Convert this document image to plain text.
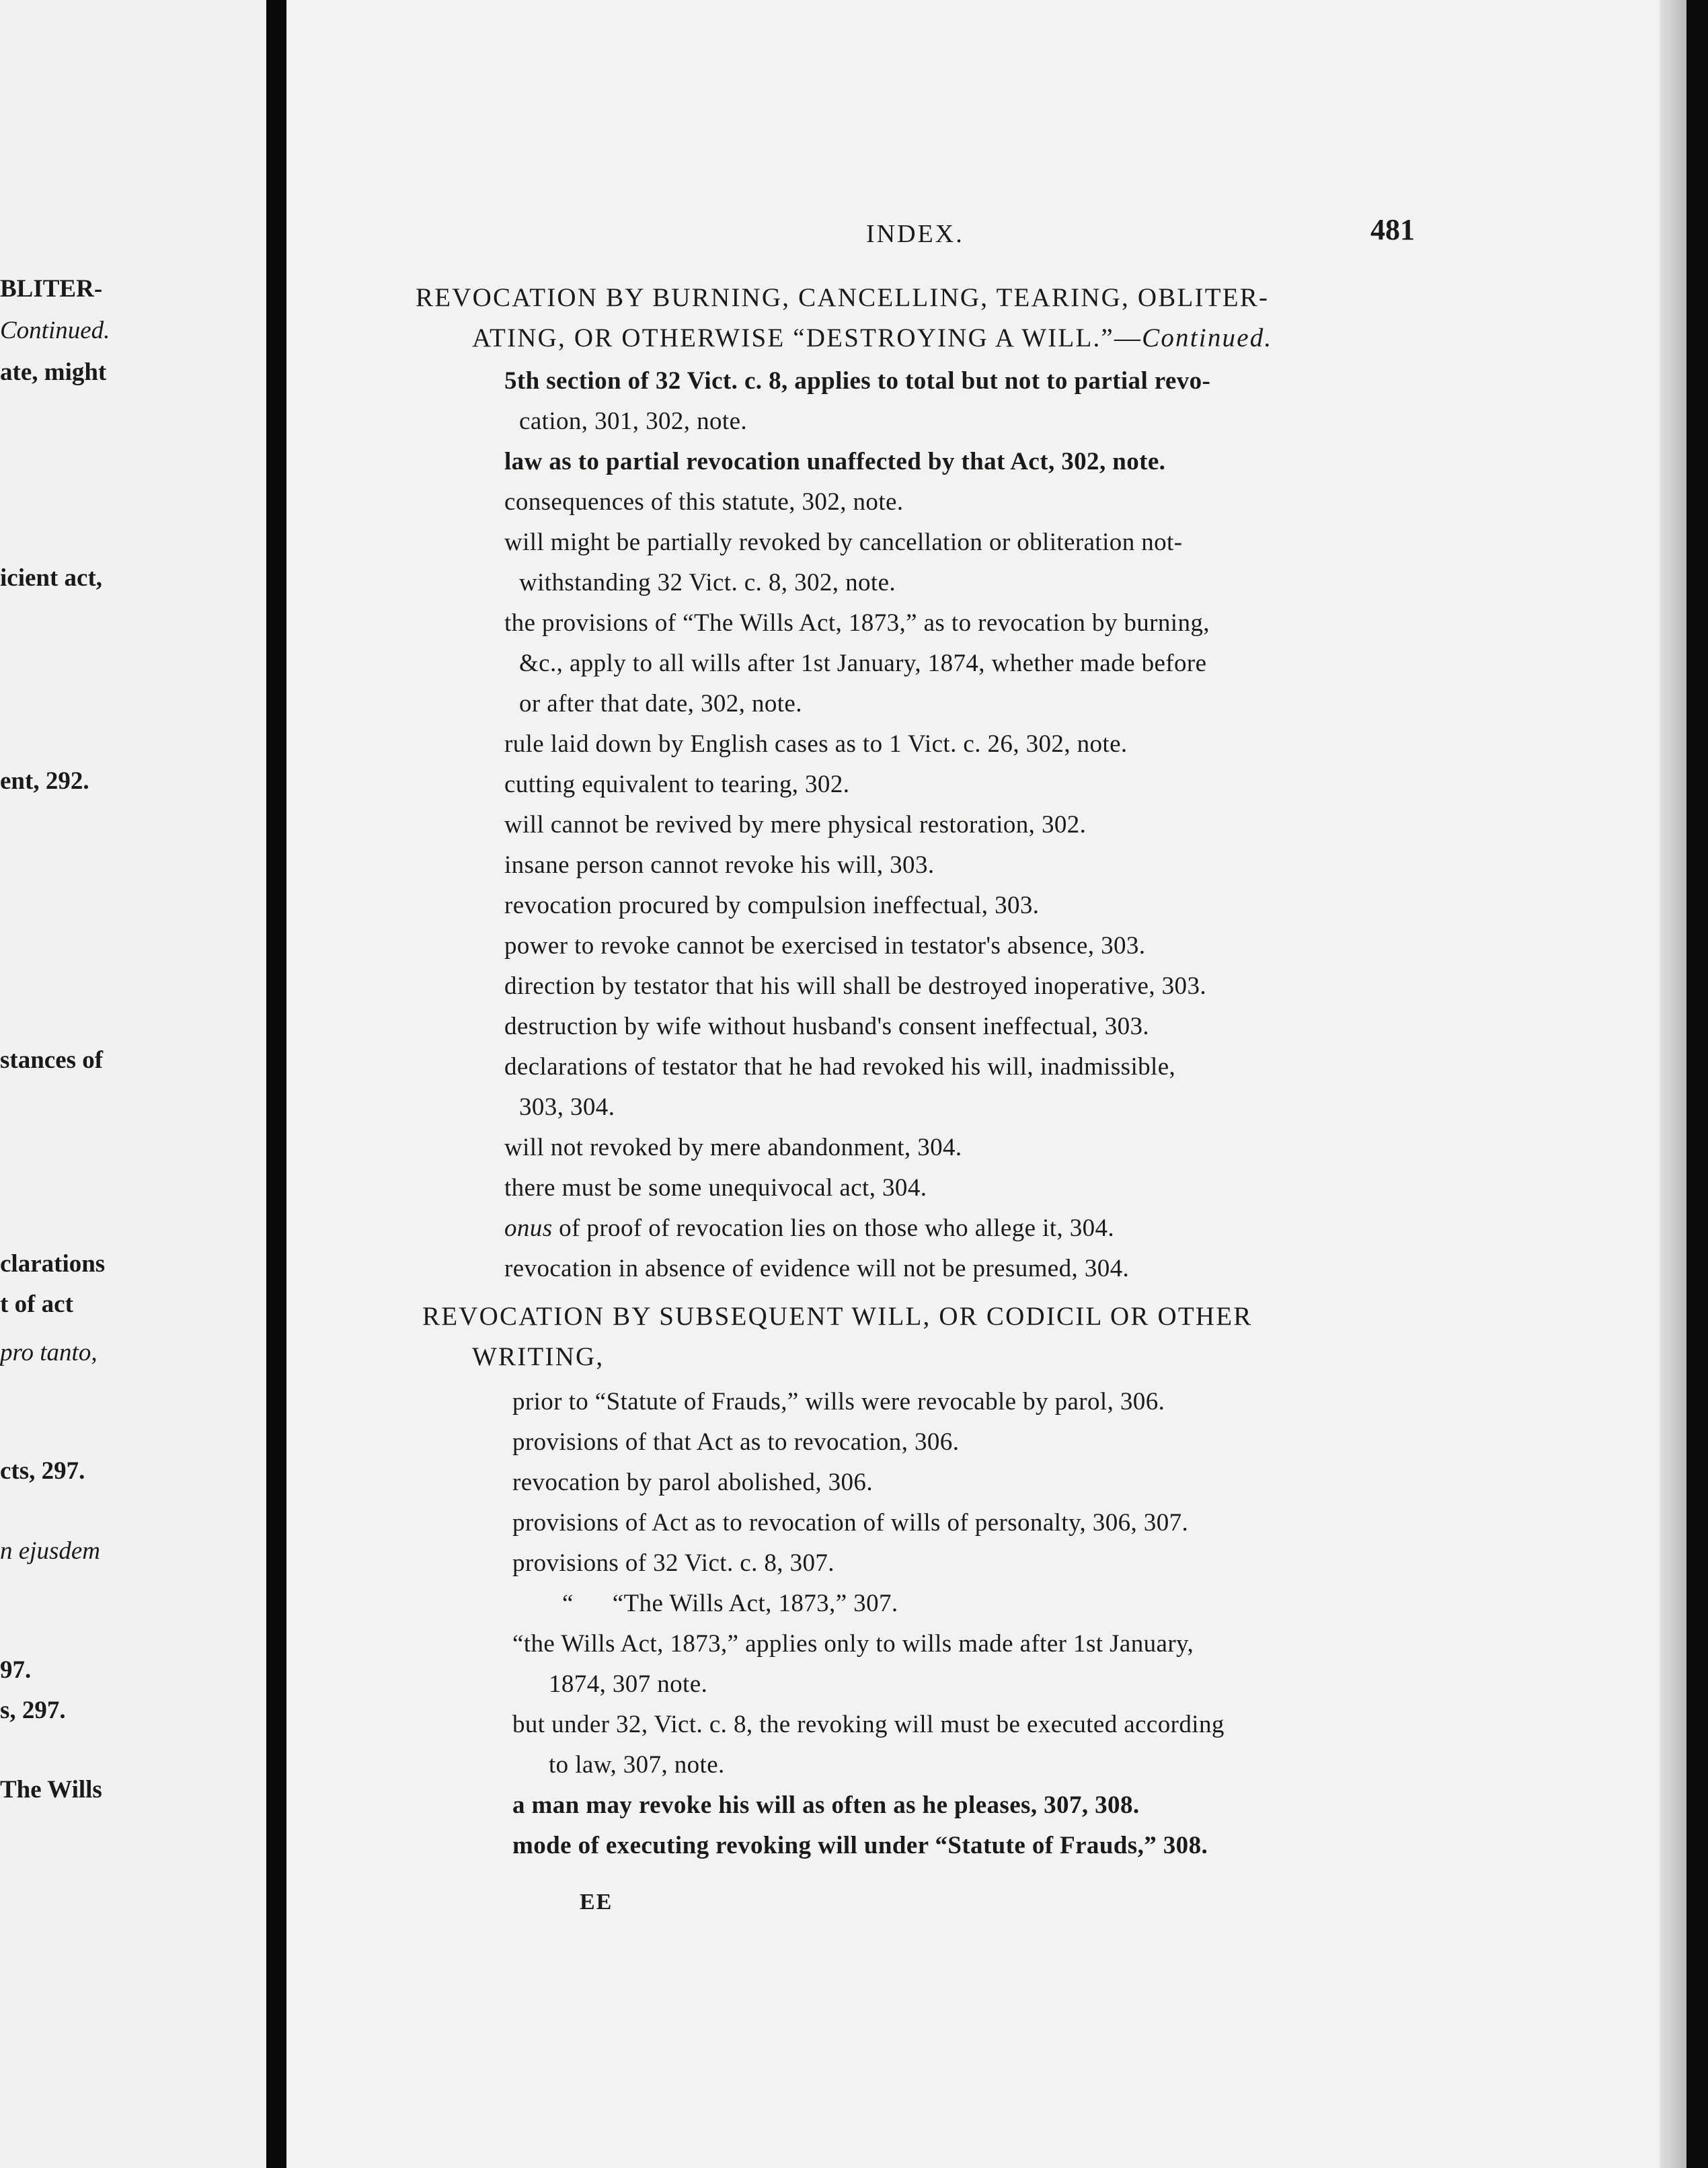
BLITER-
Continued.
ate, might
icient act,
ent, 292.
stances of
clarations
t of act
pro tanto,
cts, 297.
n ejusdem
97.
s, 297.
The Wills
INDEX.	481
REVOCATION BY BURNING, CANCELLING, TEARING, OBLITER-
ATING, OR OTHERWISE “DESTROYING A WILL.”—Continued.
5th section of 32 Vict. c. 8, applies to total but not to partial revo-
cation, 301, 302, note.
law as to partial revocation unaffected by that Act, 302, note.
consequences of this statute, 302, note.
will might be partially revoked by cancellation or obliteration not-
withstanding 32 Vict. c. 8, 302, note.
the provisions of “The Wills Act, 1873,” as to revocation by burning,
&c., apply to all wills after 1st January, 1874, whether made before
or after that date, 302, note.
rule laid down by English cases as to 1 Vict. c. 26, 302, note.
cutting equivalent to tearing, 302.
will cannot be revived by mere physical restoration, 302.
insane person cannot revoke his will, 303.
revocation procured by compulsion ineffectual, 303.
power to revoke cannot be exercised in testator's absence, 303.
direction by testator that his will shall be destroyed inoperative, 303.
destruction by wife without husband's consent ineffectual, 303.
declarations of testator that he had revoked his will, inadmissible,
303, 304.
will not revoked by mere abandonment, 304.
there must be some unequivocal act, 304.
onus of proof of revocation lies on those who allege it, 304.
revocation in absence of evidence will not be presumed, 304.
REVOCATION BY SUBSEQUENT WILL, OR CODICIL OR OTHER
WRITING,
prior to “Statute of Frauds,” wills were revocable by parol, 306.
provisions of that Act as to revocation, 306.
revocation by parol abolished, 306.
provisions of Act as to revocation of wills of personalty, 306, 307.
provisions of 32 Vict. c. 8, 307.
“      “The Wills Act, 1873,” 307.
“the Wills Act, 1873,” applies only to wills made after 1st January,
1874, 307 note.
but under 32, Vict. c. 8, the revoking will must be executed according
to law, 307, note.
a man may revoke his will as often as he pleases, 307, 308.
mode of executing revoking will under “Statute of Frauds,” 308.
EE
